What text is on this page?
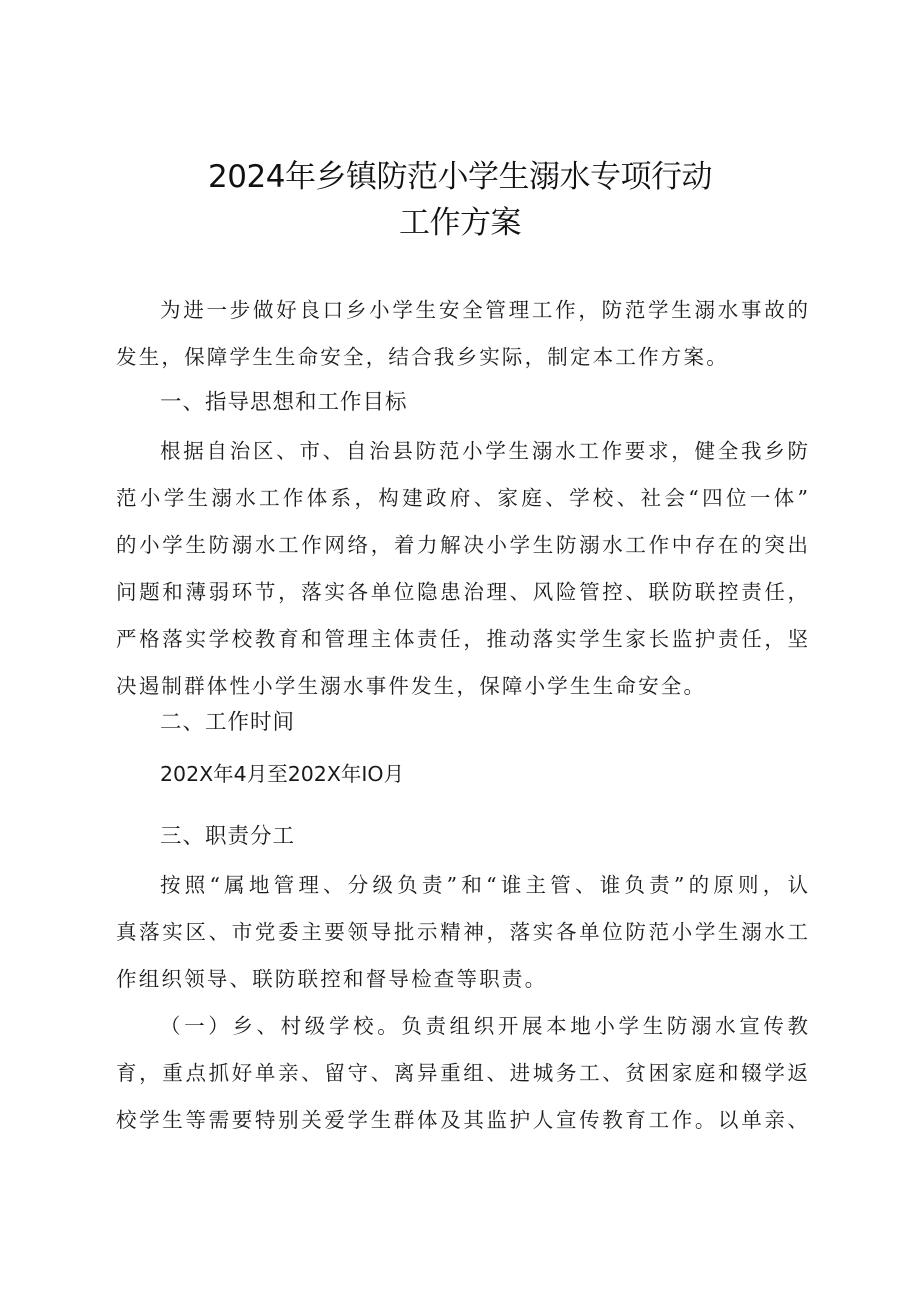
2024年乡镇防范小学生溺水专项行动
工作方案
为进一步做好良口乡小学生安全管理工作，防范学生溺水事故的
发生，保障学生生命安全，结合我乡实际，制定本工作方案。
一、指导思想和工作目标
根据自治区、市、自治县防范小学生溺水工作要求，健全我乡防
范小学生溺水工作体系，构建政府、家庭、学校、社会“四位一体”
的小学生防溺水工作网络，着力解决小学生防溺水工作中存在的突出
问题和薄弱环节，落实各单位隐患治理、风险管控、联防联控责任，
严格落实学校教育和管理主体责任，推动落实学生家长监护责任，坚
决遏制群体性小学生溺水事件发生，保障小学生生命安全。
二、工作时间
202X年4月至202X年IO月
三、职责分工
按照“属地管理、分级负责”和“谁主管、谁负责”的原则，认
真落实区、市党委主要领导批示精神，落实各单位防范小学生溺水工
作组织领导、联防联控和督导检查等职责。
（一）乡、村级学校。负责组织开展本地小学生防溺水宣传教
育，重点抓好单亲、留守、离异重组、进城务工、贫困家庭和辍学返
校学生等需要特别关爱学生群体及其监护人宣传教育工作。以单亲、
